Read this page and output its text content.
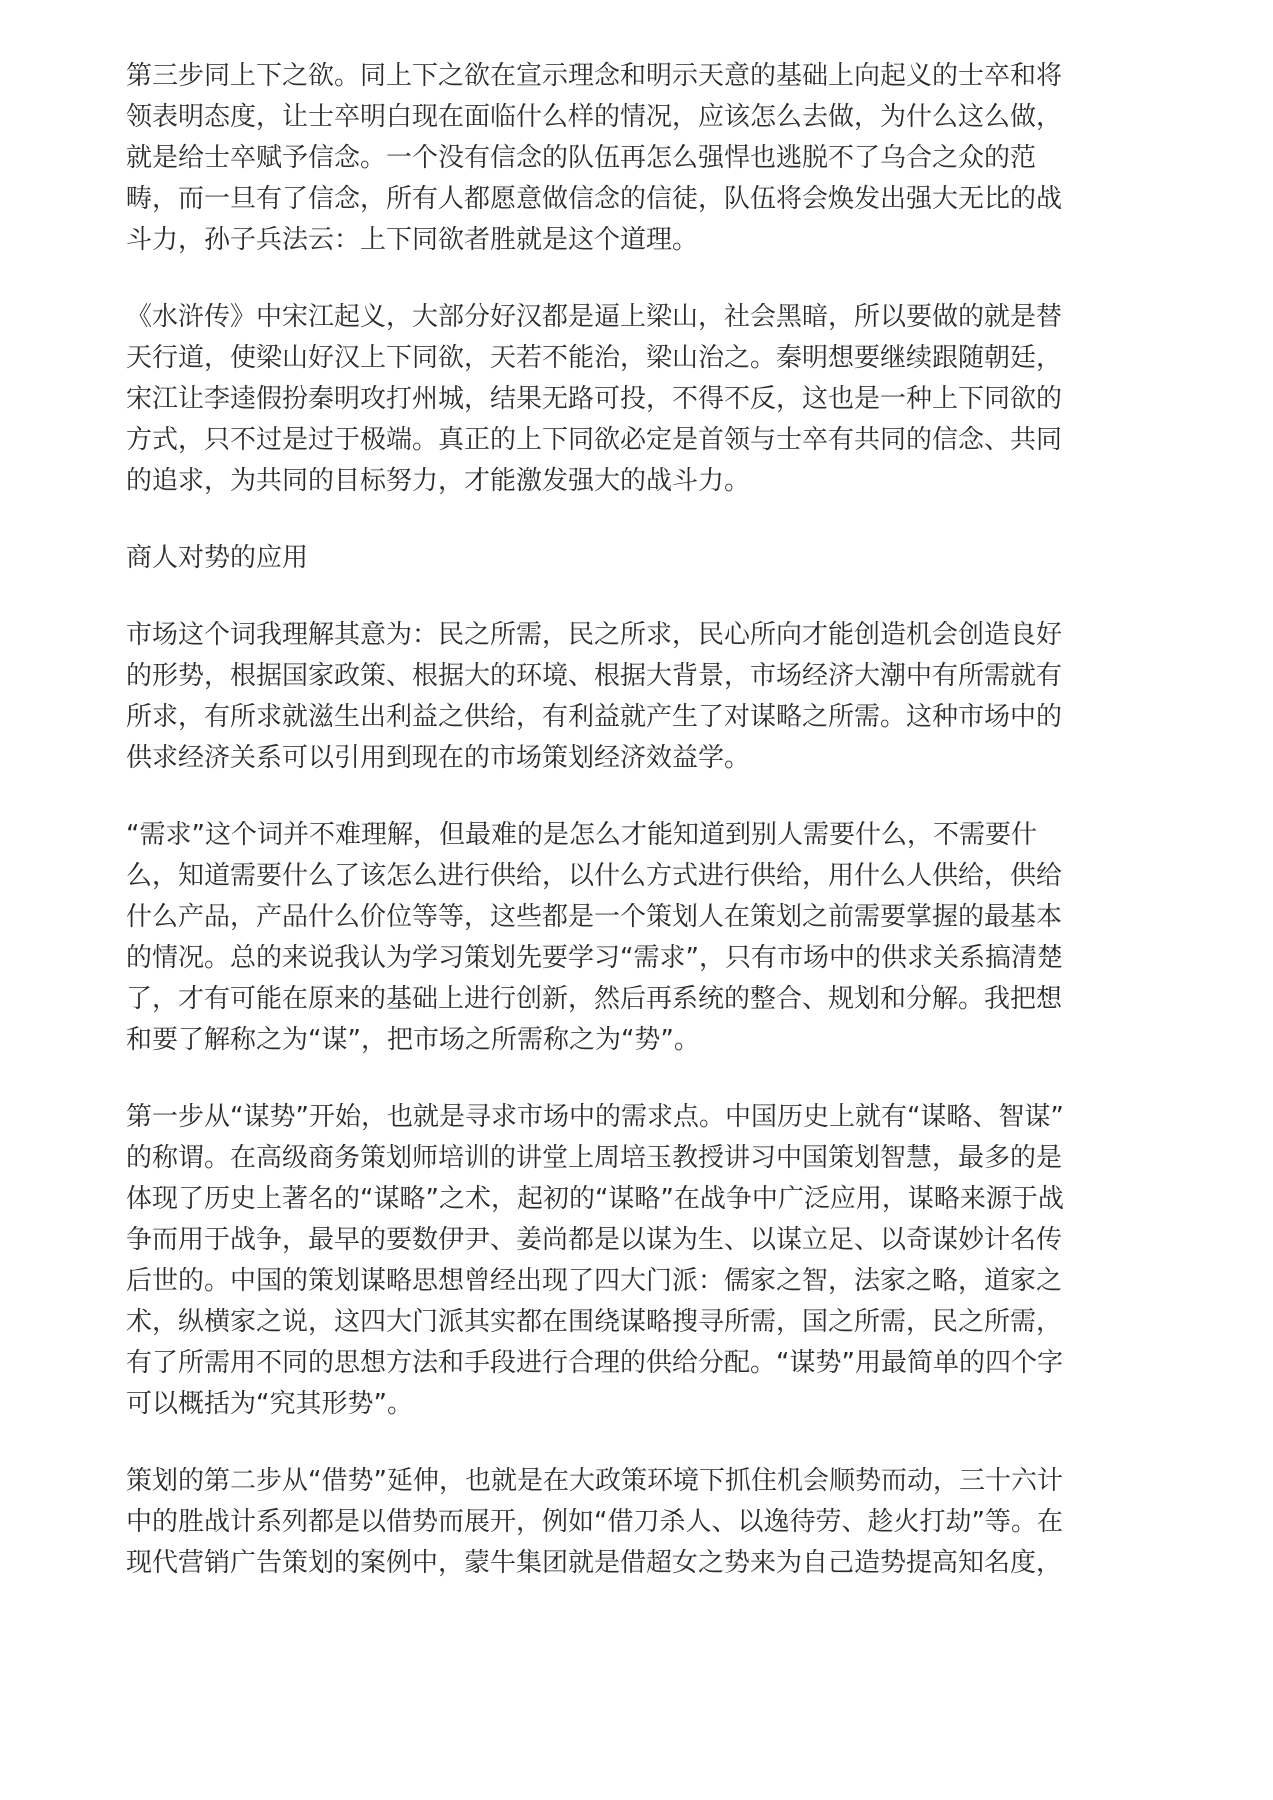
第三步同上下之欲。同上下之欲在宣示理念和明示天意的基础上向起义的士卒和将
领表明态度，让士卒明白现在面临什么样的情况，应该怎么去做，为什么这么做，
就是给士卒赋予信念。一个没有信念的队伍再怎么强悍也逃脱不了乌合之众的范
畴，而一旦有了信念，所有人都愿意做信念的信徒，队伍将会焕发出强大无比的战
斗力，孙子兵法云：上下同欲者胜就是这个道理。

《水浒传》中宋江起义，大部分好汉都是逼上梁山，社会黑暗，所以要做的就是替
天行道，使梁山好汉上下同欲，天若不能治，梁山治之。秦明想要继续跟随朝廷，
宋江让李逵假扮秦明攻打州城，结果无路可投，不得不反，这也是一种上下同欲的
方式，只不过是过于极端。真正的上下同欲必定是首领与士卒有共同的信念、共同
的追求，为共同的目标努力，才能激发强大的战斗力。

商人对势的应用

市场这个词我理解其意为：民之所需，民之所求，民心所向才能创造机会创造良好
的形势，根据国家政策、根据大的环境、根据大背景，市场经济大潮中有所需就有
所求，有所求就滋生出利益之供给，有利益就产生了对谋略之所需。这种市场中的
供求经济关系可以引用到现在的市场策划经济效益学。

“需求”这个词并不难理解，但最难的是怎么才能知道到别人需要什么，不需要什
么，知道需要什么了该怎么进行供给，以什么方式进行供给，用什么人供给，供给
什么产品，产品什么价位等等，这些都是一个策划人在策划之前需要掌握的最基本
的情况。总的来说我认为学习策划先要学习“需求”，只有市场中的供求关系搞清楚
了，才有可能在原来的基础上进行创新，然后再系统的整合、规划和分解。我把想
和要了解称之为“谋”，把市场之所需称之为“势”。

第一步从“谋势”开始，也就是寻求市场中的需求点。中国历史上就有“谋略、智谋”
的称谓。在高级商务策划师培训的讲堂上周培玉教授讲习中国策划智慧，最多的是
体现了历史上著名的“谋略”之术，起初的“谋略”在战争中广泛应用，谋略来源于战
争而用于战争，最早的要数伊尹、姜尚都是以谋为生、以谋立足、以奇谋妙计名传
后世的。中国的策划谋略思想曾经出现了四大门派：儒家之智，法家之略，道家之
术，纵横家之说，这四大门派其实都在围绕谋略搜寻所需，国之所需，民之所需，
有了所需用不同的思想方法和手段进行合理的供给分配。“谋势”用最简单的四个字
可以概括为“究其形势”。

策划的第二步从“借势”延伸，也就是在大政策环境下抓住机会顺势而动，三十六计
中的胜战计系列都是以借势而展开，例如“借刀杀人、以逸待劳、趁火打劫”等。在
现代营销广告策划的案例中，蒙牛集团就是借超女之势来为自己造势提高知名度，
